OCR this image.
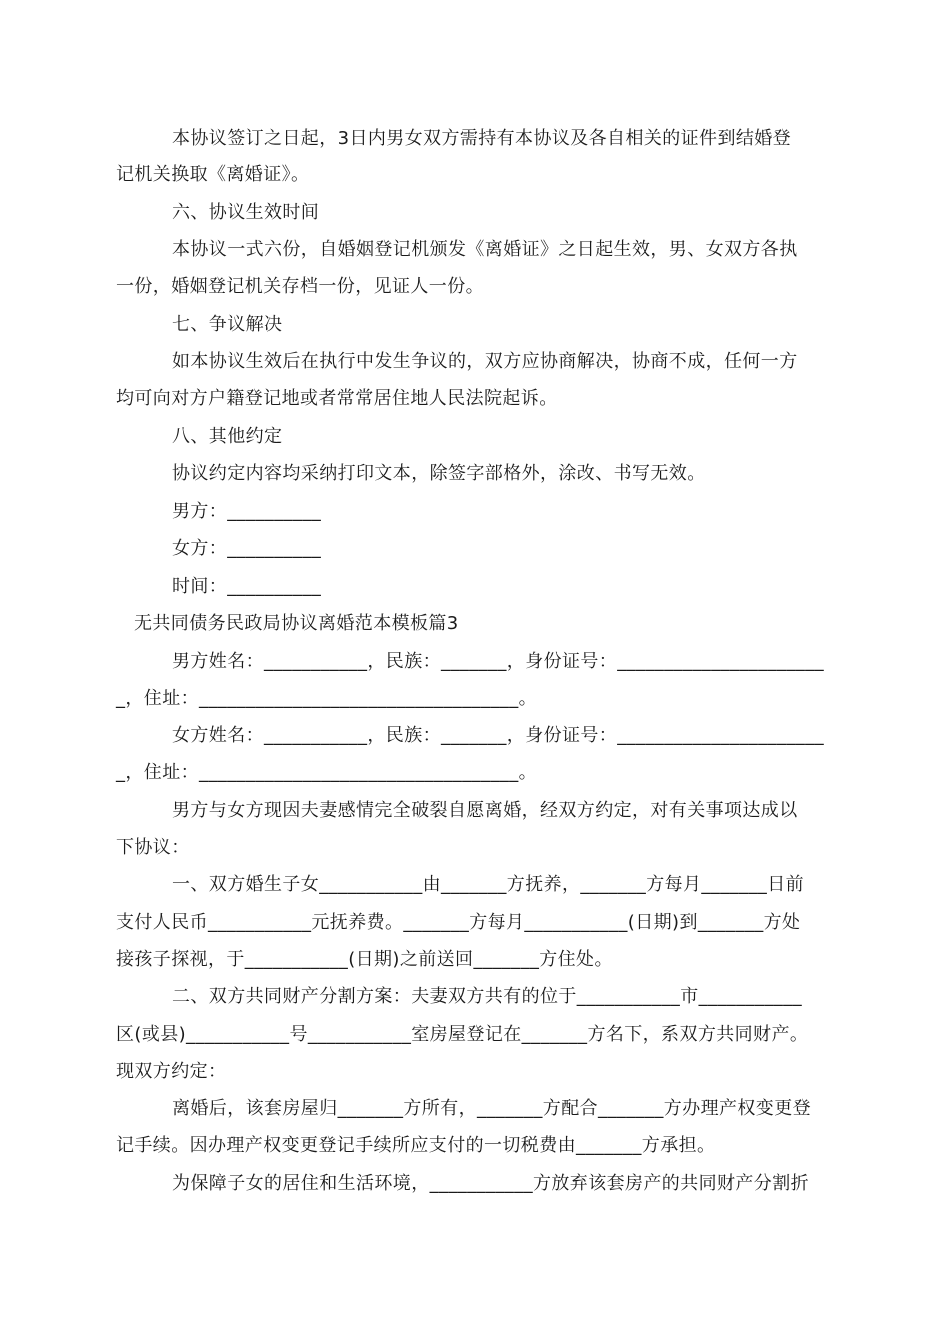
本协议签订之日起，3日内男女双方需持有本协议及各自相关的证件到结婚登
记机关换取《离婚证》。
六、协议生效时间
本协议一式六份，自婚姻登记机颁发《离婚证》之日起生效，男、女双方各执
一份，婚姻登记机关存档一份，见证人一份。
七、争议解决
如本协议生效后在执行中发生争议的，双方应协商解决，协商不成，任何一方
均可向对方户籍登记地或者常常居住地人民法院起诉。
八、其他约定
协议约定内容均采纳打印文本，除签字部格外，涂改、书写无效。
男方：__________
女方：__________
时间：__________
无共同债务民政局协议离婚范本模板篇3
男方姓名：___________，民族：_______，身份证号：______________________
_，住址：__________________________________。
女方姓名：___________，民族：_______，身份证号：______________________
_，住址：__________________________________。
男方与女方现因夫妻感情完全破裂自愿离婚，经双方约定，对有关事项达成以
下协议：
一、双方婚生子女___________由_______方抚养，_______方每月_______日前
支付人民币___________元抚养费。_______方每月___________(日期)到_______方处
接孩子探视，于___________(日期)之前送回_______方住处。
二、双方共同财产分割方案：夫妻双方共有的位于___________市___________
区(或县)___________号___________室房屋登记在_______方名下，系双方共同财产。
现双方约定：
离婚后，该套房屋归_______方所有，_______方配合_______方办理产权变更登
记手续。因办理产权变更登记手续所应支付的一切税费由_______方承担。
为保障子女的居住和生活环境，___________方放弃该套房产的共同财产分割折
